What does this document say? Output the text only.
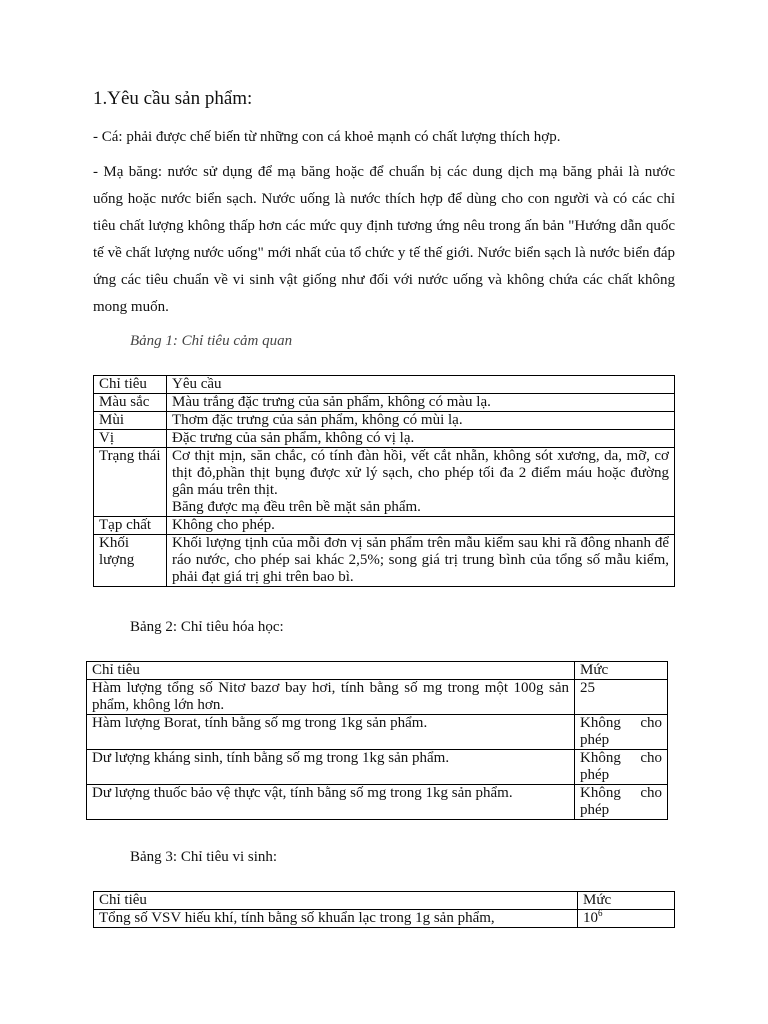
1.Yêu cầu sản phẩm:
- Cá: phải được chế biến từ những con cá khoẻ mạnh có chất lượng thích hợp.
- Mạ băng: nước sử dụng để mạ băng hoặc để chuẩn bị các dung dịch mạ băng phải là nước uống hoặc nước biển sạch. Nước uống là nước thích hợp để dùng cho con người và có các chỉ tiêu chất lượng không thấp hơn các mức quy định tương ứng nêu trong ấn bản "Hướng dẫn quốc tế về chất lượng nước uống" mới nhất của tổ chức y tế thế giới. Nước biển sạch là nước biển đáp ứng các tiêu chuẩn về vi sinh vật giống như đối với nước uống và không chứa các chất không mong muốn.
Bảng 1: Chỉ tiêu cảm quan
Chỉ tiêu	Yêu cầu
Màu sắc	Màu trắng đặc trưng của sản phẩm, không có màu lạ.
Mùi	Thơm đặc trưng của sản phẩm, không có mùi lạ.
Vị	Đặc trưng của sản phẩm, không có vị lạ.
Trạng thái	Cơ thịt mịn, săn chắc, có tính đàn hồi, vết cắt nhẵn, không sót xương, da, mỡ, cơ thịt đỏ,phần thịt bụng được xử lý sạch, cho phép tối đa 2 điểm máu hoặc đường gân máu trên thịt.
Băng được mạ đều trên bề mặt sản phẩm.

Tạp chất	Không cho phép.
Khối lượng	Khối lượng tịnh của mỗi đơn vị sản phẩm trên mẫu kiểm sau khi rã đông nhanh để ráo nước, cho phép sai khác 2,5%; song giá trị trung bình của tổng số mẫu kiểm, phải đạt giá trị ghi trên bao bì.
Bảng 2: Chỉ tiêu hóa học:
Chỉ tiêu	Mức
Hàm lượng tổng số Nitơ bazơ bay hơi, tính bằng số mg trong một 100g sản phẩm, không lớn hơn.	25
Hàm lượng Borat, tính bằng số mg trong 1kg sản phẩm.	Không cho phép
Dư lượng kháng sinh, tính bằng số mg trong 1kg sản phẩm.	Không cho phép
Dư lượng thuốc bảo vệ thực vật, tính bằng số mg trong 1kg sản phẩm.	Không cho phép
Bảng 3: Chỉ tiêu vi sinh:
Chỉ tiêu	Mức
Tổng số VSV hiếu khí, tính bằng số khuẩn lạc trong 1g sản phẩm,	$10^6$
